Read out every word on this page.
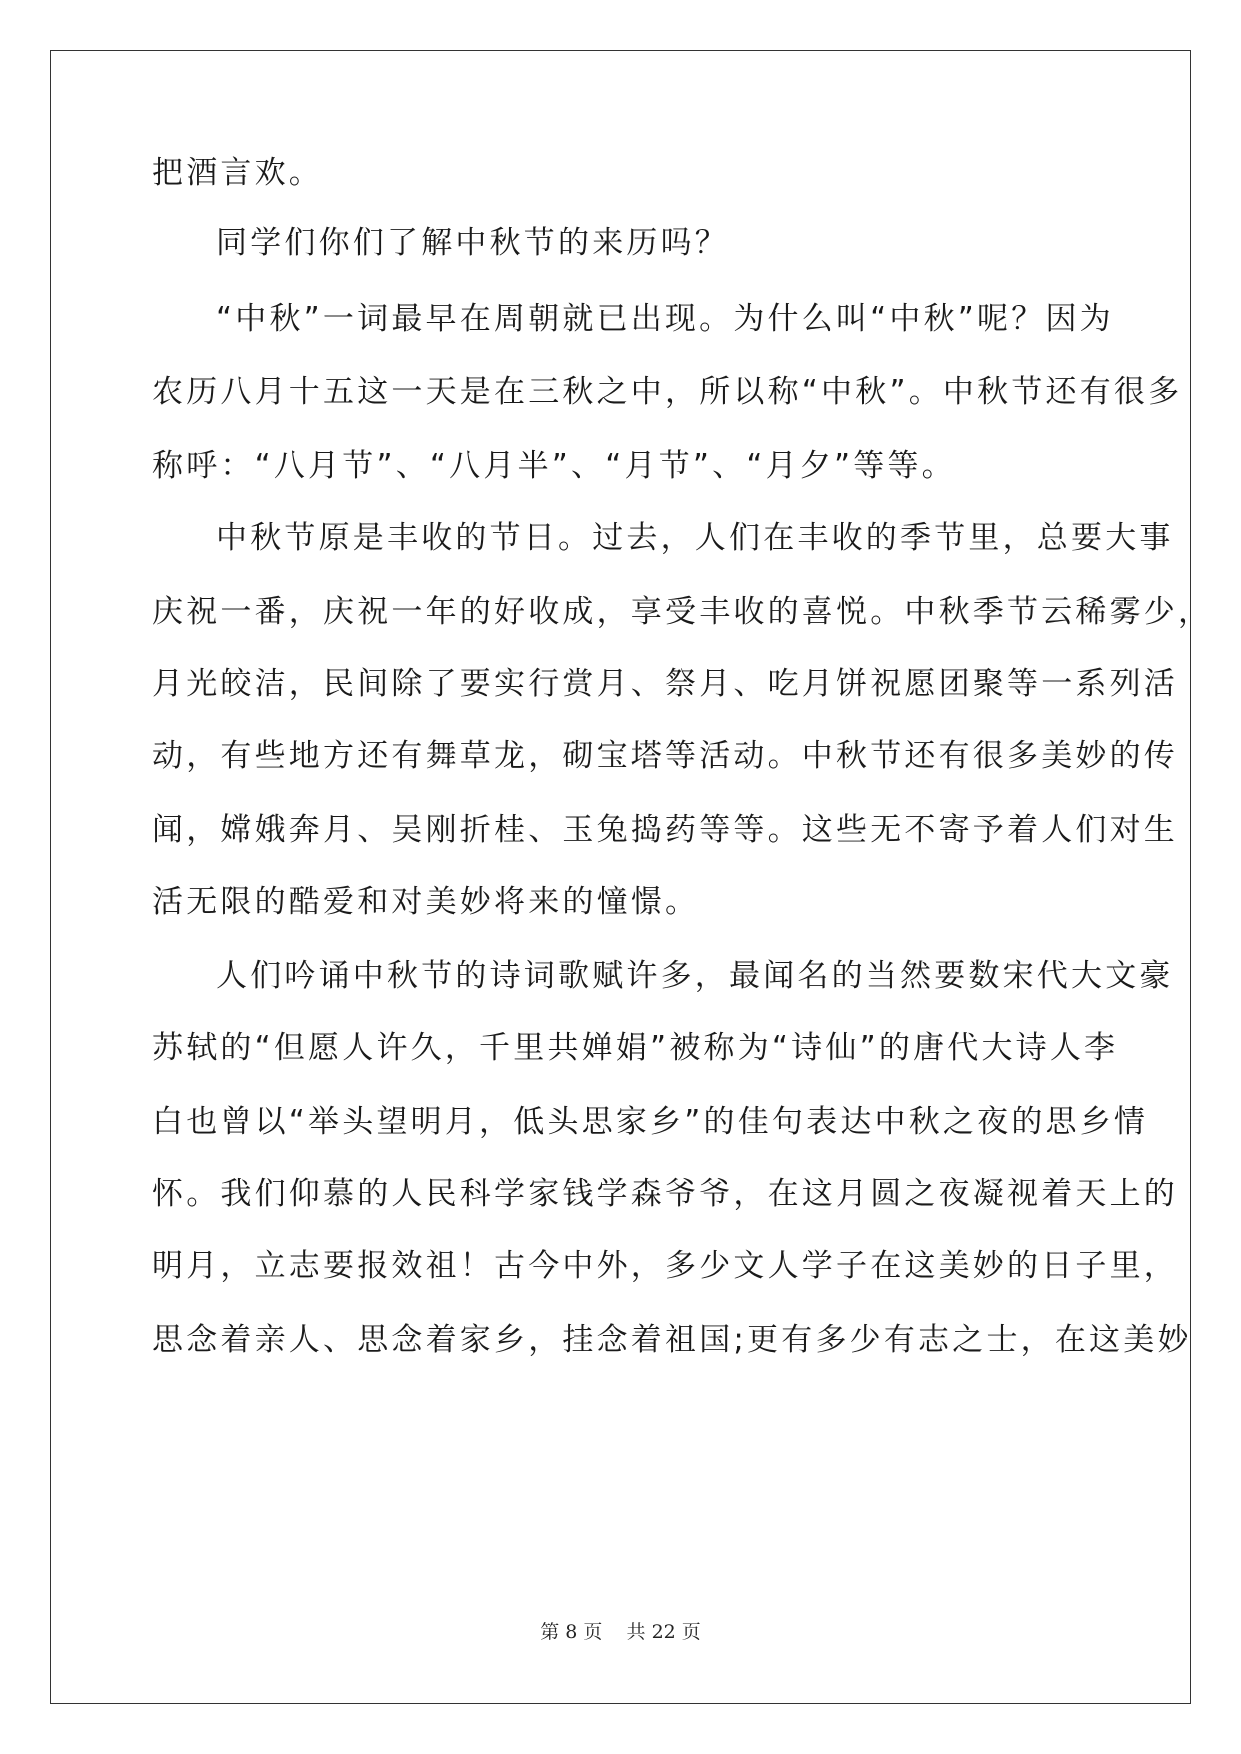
把酒言欢。
同学们你们了解中秋节的来历吗？
“中秋”一词最早在周朝就已出现。为什么叫“中秋”呢？因为
农历八月十五这一天是在三秋之中，所以称“中秋”。中秋节还有很多
称呼：“八月节”、“八月半”、“月节”、“月夕”等等。
中秋节原是丰收的节日。过去，人们在丰收的季节里，总要大事
庆祝一番，庆祝一年的好收成，享受丰收的喜悦。中秋季节云稀雾少，
月光皎洁，民间除了要实行赏月、祭月、吃月饼祝愿团聚等一系列活
动，有些地方还有舞草龙，砌宝塔等活动。中秋节还有很多美妙的传
闻，嫦娥奔月、吴刚折桂、玉兔捣药等等。这些无不寄予着人们对生
活无限的酷爱和对美妙将来的憧憬。
人们吟诵中秋节的诗词歌赋许多，最闻名的当然要数宋代大文豪
苏轼的“但愿人许久，千里共婵娟”被称为“诗仙”的唐代大诗人李
白也曾以“举头望明月，低头思家乡”的佳句表达中秋之夜的思乡情
怀。我们仰慕的人民科学家钱学森爷爷，在这月圆之夜凝视着天上的
明月，立志要报效祖！古今中外，多少文人学子在这美妙的日子里，
思念着亲人、思念着家乡，挂念着祖国;更有多少有志之士，在这美妙
第 8 页    共 22 页
